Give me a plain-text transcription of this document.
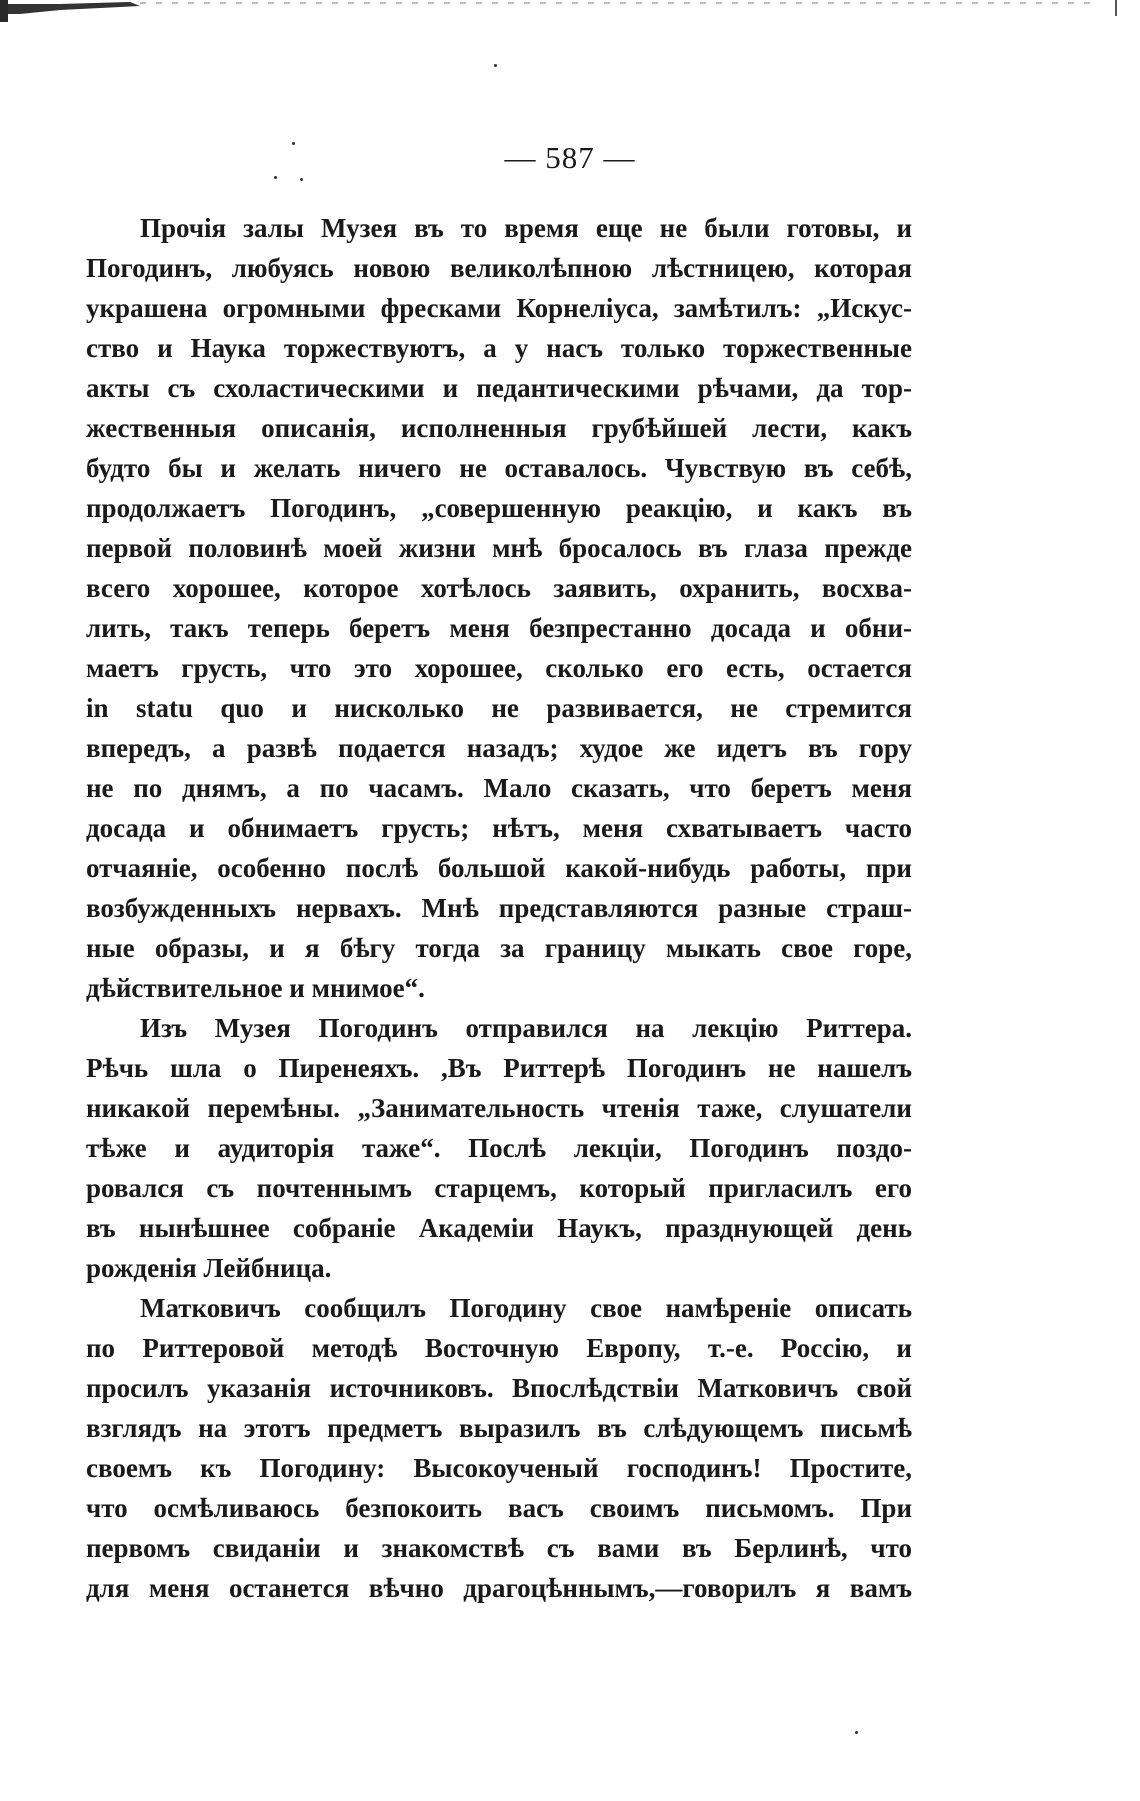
— 587 —
Прочія залы Музея въ то время еще не были готовы, и
Погодинъ, любуясь новою великолѣпною лѣстницею, которая
украшена огромными фресками Корнеліуса, замѣтилъ: „Искус-
ство и Наука торжествуютъ, а у насъ только торжественные
акты съ схоластическими и педантическими рѣчами, да тор-
жественныя описанія, исполненныя грубѣйшей лести, какъ
будто бы и желать ничего не оставалось. Чувствую въ себѣ,
продолжаетъ Погодинъ, „совершенную реакцію, и какъ въ
первой половинѣ моей жизни мнѣ бросалось въ глаза прежде
всего хорошее, которое хотѣлось заявить, охранить, восхва-
лить, такъ теперь беретъ меня безпрестанно досада и обни-
маетъ грусть, что это хорошее, сколько его есть, остается
in statu quo и нисколько не развивается, не стремится
впередъ, а развѣ подается назадъ; худое же идетъ въ гору
не по днямъ, а по часамъ. Мало сказать, что беретъ меня
досада и обнимаетъ грусть; нѣтъ, меня схватываетъ часто
отчаяніе, особенно послѣ большой какой-нибудь работы, при
возбужденныхъ нервахъ. Мнѣ представляются разные страш-
ные образы, и я бѣгу тогда за границу мыкать свое горе,
дѣйствительное и мнимое“.
Изъ Музея Погодинъ отправился на лекцію Риттера.
Рѣчь шла о Пиренеяхъ. ,Въ Риттерѣ Погодинъ не нашелъ
никакой перемѣны. „Занимательность чтенія таже, слушатели
тѣже и аудиторія таже“. Послѣ лекціи, Погодинъ поздо-
ровался съ почтеннымъ старцемъ, который пригласилъ его
въ нынѣшнее собраніе Академіи Наукъ, празднующей день
рожденія Лейбница.
Матковичъ сообщилъ Погодину свое намѣреніе описать
по Риттеровой методѣ Восточную Европу, т.-е. Россію, и
просилъ указанія источниковъ. Впослѣдствіи Матковичъ свой
взглядъ на этотъ предметъ выразилъ въ слѣдующемъ письмѣ
своемъ къ Погодину: Высокоученый господинъ! Простите,
что осмѣливаюсь безпокоить васъ своимъ письмомъ. При
первомъ свиданіи и знакомствѣ съ вами въ Берлинѣ, что
для меня останется вѣчно драгоцѣннымъ,—говорилъ я вамъ
